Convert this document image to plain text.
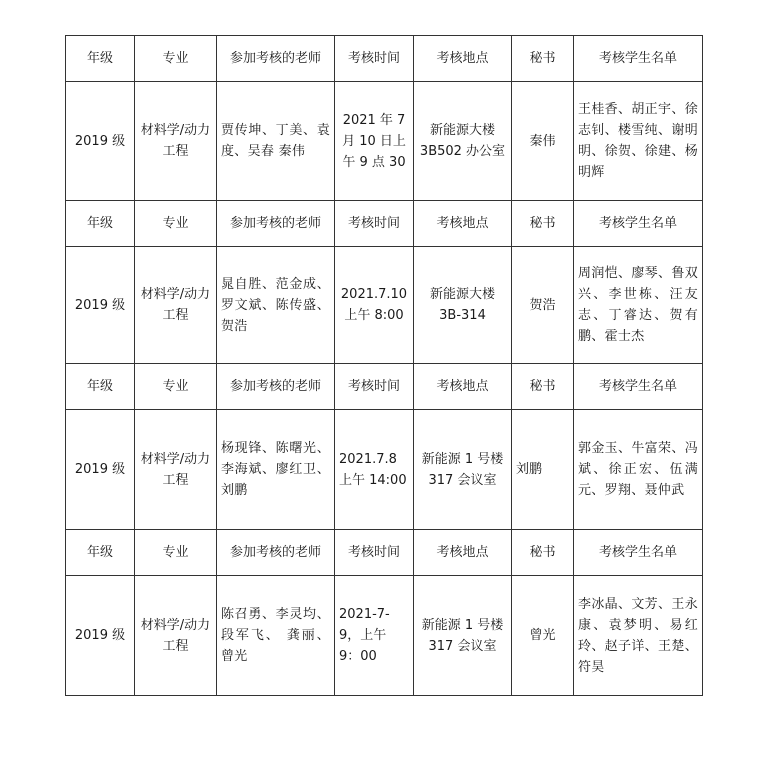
年级	专业	参加考核的老师	考核时间	考核地点	秘书	考核学生名单
2019 级	材料学/动力工程	贾传坤、丁美、袁度、吴春 秦伟	2021 年 7 月 10 日上午 9 点 30	新能源大楼 3B502 办公室	秦伟	王桂香、胡正宇、徐志钊、楼雪纯、谢明明、徐贺、徐建、杨明辉
年级	专业	参加考核的老师	考核时间	考核地点	秘书	考核学生名单
2019 级	材料学/动力工程	晁自胜、范金成、罗文斌、陈传盛、贺浩	2021.7.10 上午 8:00	新能源大楼 3B-314	贺浩	周润恺、廖琴、鲁双兴、李世栋、汪友志、丁睿达、贺有鹏、霍士杰
年级	专业	参加考核的老师	考核时间	考核地点	秘书	考核学生名单
2019 级	材料学/动力工程	杨现锋、陈曙光、李海斌、廖红卫、刘鹏	2021.7.8 上午 14:00	新能源 1 号楼 317 会议室	刘鹏	郭金玉、牛富荣、冯斌、徐正宏、伍满元、罗翔、聂仲武
年级	专业	参加考核的老师	考核时间	考核地点	秘书	考核学生名单
2019 级	材料学/动力工程	陈召勇、李灵均、段军飞、 龚丽、曾光	2021-7-9，上午 9：00	新能源 1 号楼 317 会议室	曾光	李冰晶、文芳、王永康、袁梦明、易红玲、赵子详、王楚、符昊
